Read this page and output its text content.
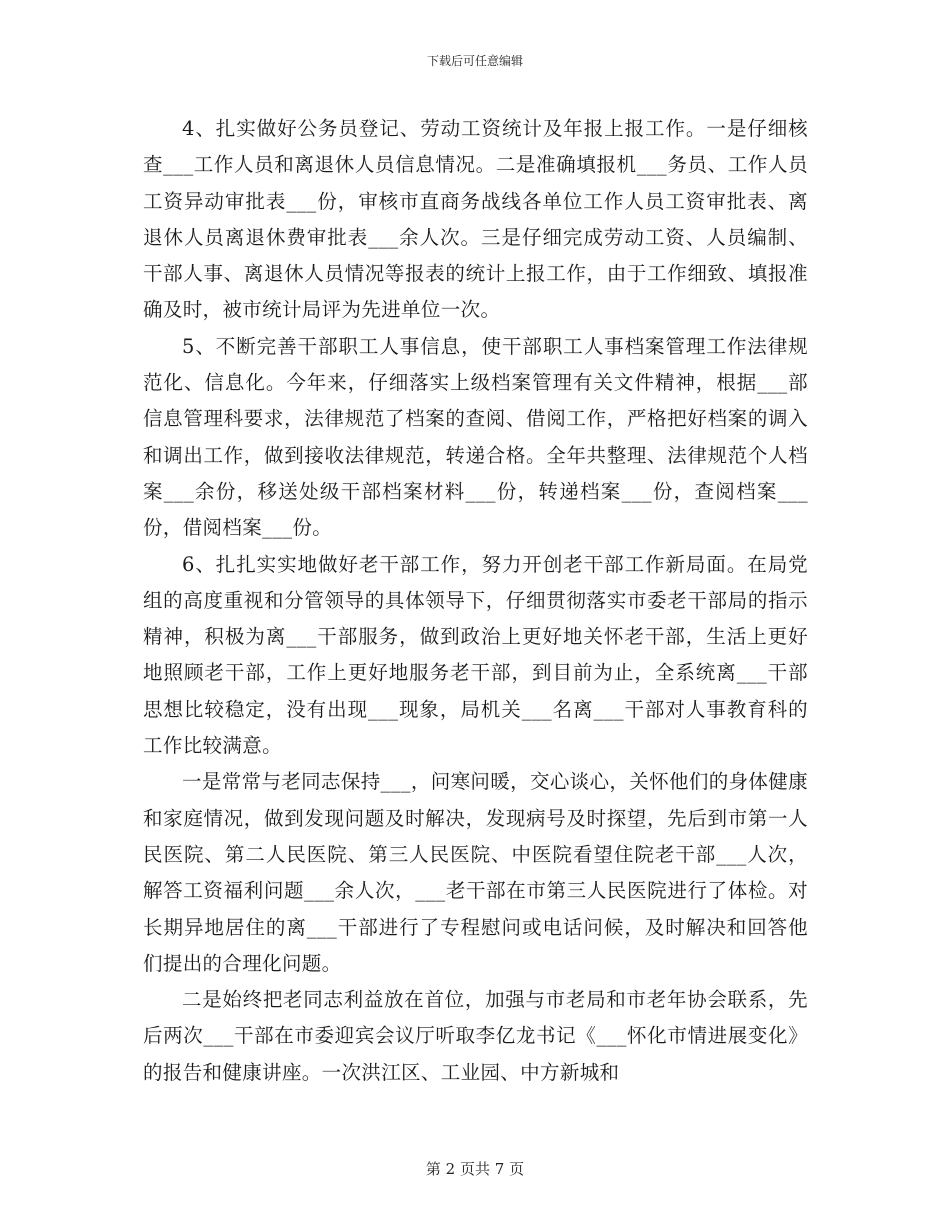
下载后可任意编辑

4、扎实做好公务员登记、劳动工资统计及年报上报工作。一是仔细核查___工作人员和离退休人员信息情况。二是准确填报机___务员、工作人员工资异动审批表___份，审核市直商务战线各单位工作人员工资审批表、离退休人员离退休费审批表___余人次。三是仔细完成劳动工资、人员编制、干部人事、离退休人员情况等报表的统计上报工作，由于工作细致、填报准确及时，被市统计局评为先进单位一次。

5、不断完善干部职工人事信息，使干部职工人事档案管理工作法律规范化、信息化。今年来，仔细落实上级档案管理有关文件精神，根据___部信息管理科要求，法律规范了档案的查阅、借阅工作，严格把好档案的调入和调出工作，做到接收法律规范，转递合格。全年共整理、法律规范个人档案___余份，移送处级干部档案材料___份，转递档案___份，查阅档案___份，借阅档案___份。

6、扎扎实实地做好老干部工作，努力开创老干部工作新局面。在局党组的高度重视和分管领导的具体领导下，仔细贯彻落实市委老干部局的指示精神，积极为离___干部服务，做到政治上更好地关怀老干部，生活上更好地照顾老干部，工作上更好地服务老干部，到目前为止，全系统离___干部思想比较稳定，没有出现___现象，局机关___名离___干部对人事教育科的工作比较满意。

一是常常与老同志保持___，问寒问暖，交心谈心，关怀他们的身体健康和家庭情况，做到发现问题及时解决，发现病号及时探望，先后到市第一人民医院、第二人民医院、第三人民医院、中医院看望住院老干部___人次，解答工资福利问题___余人次，___老干部在市第三人民医院进行了体检。对长期异地居住的离___干部进行了专程慰问或电话问候，及时解决和回答他们提出的合理化问题。

二是始终把老同志利益放在首位，加强与市老局和市老年协会联系，先后两次___干部在市委迎宾会议厅听取李亿龙书记《___怀化市情进展变化》的报告和健康讲座。一次洪江区、工业园、中方新城和

第 2 页共 7 页
